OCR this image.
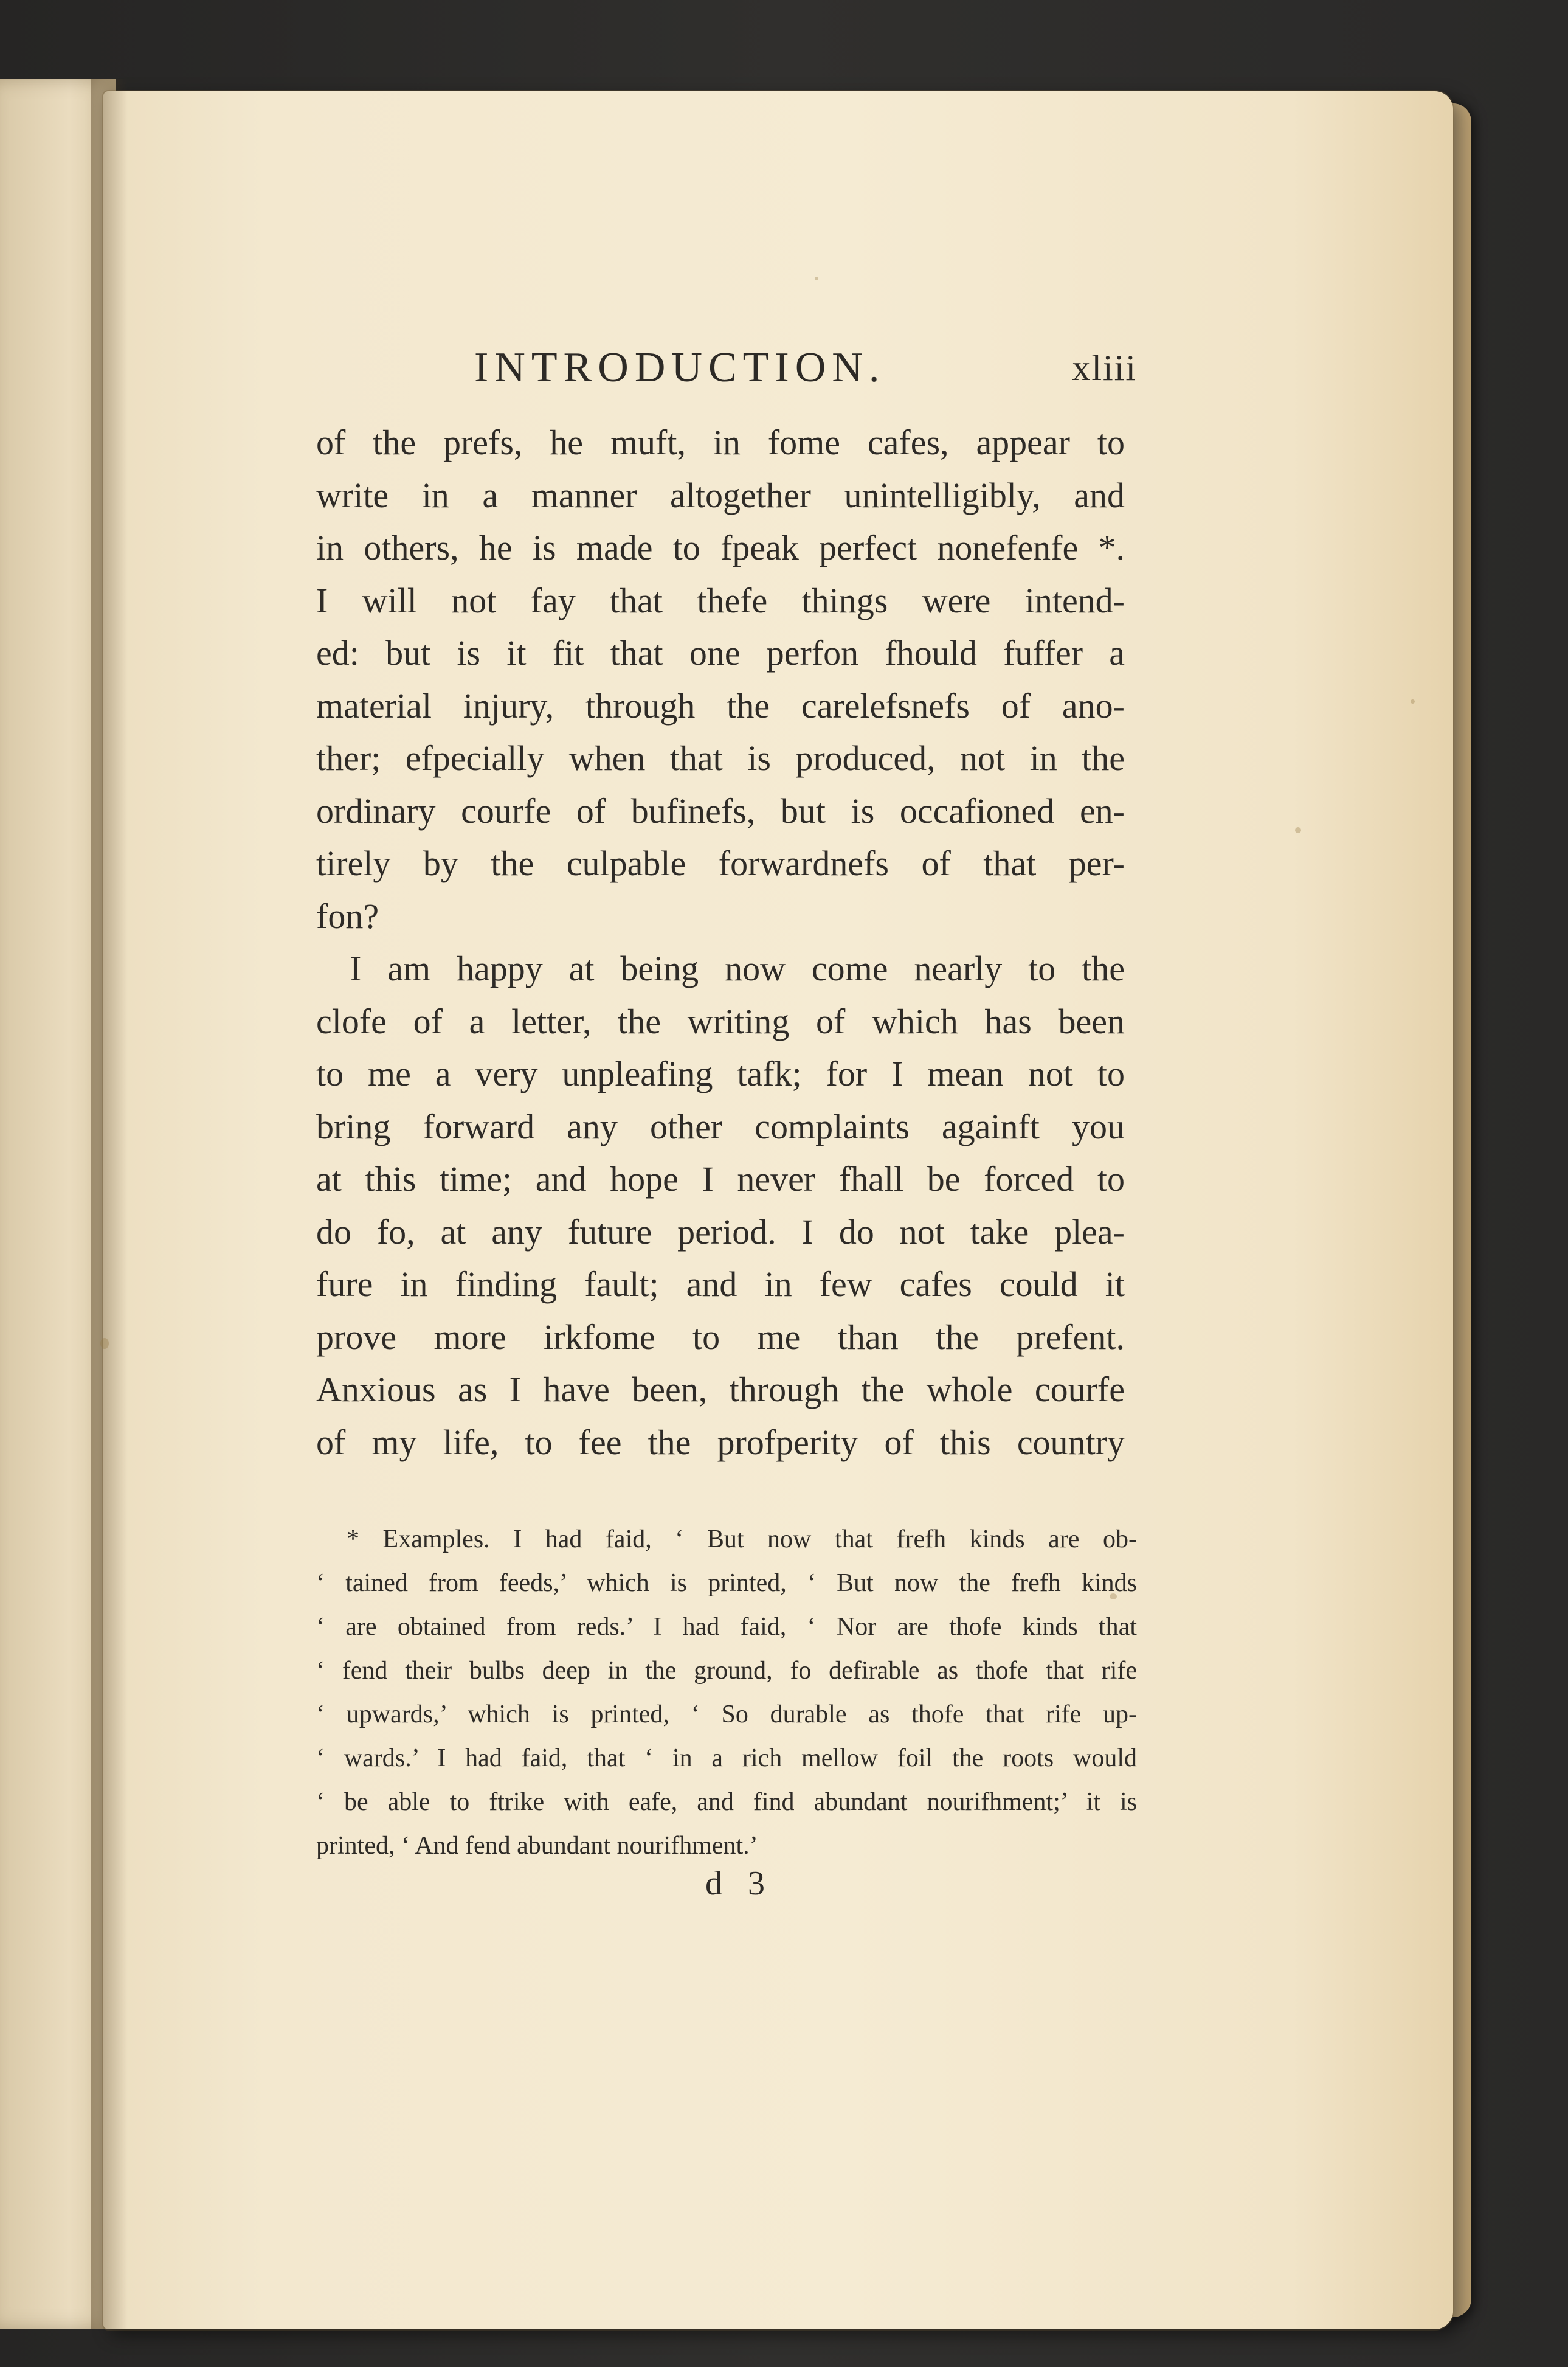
INTRODUCTION.	xliii
of the prefs, he muft, in fome cafes, appear to
write in a manner altogether unintelligibly, and
in others, he is made to fpeak perfect nonefenfe *.
I will not fay that thefe things were intend-
ed: but is it fit that one perfon fhould fuffer a
material injury, through the carelefsnefs of ano-
ther; efpecially when that is produced, not in the
ordinary courfe of bufinefs, but is occafioned en-
tirely by the culpable forwardnefs of that per-
fon?
I am happy at being now come nearly to the
clofe of a letter, the writing of which has been
to me a very unpleafing tafk; for I mean not to
bring forward any other complaints againft you
at this time; and hope I never fhall be forced to
do fo, at any future period. I do not take plea-
fure in finding fault; and in few cafes could it
prove more irkfome to me than the prefent.
Anxious as I have been, through the whole courfe
of my life, to fee the profperity of this country
* Examples. I had faid, ‘ But now that frefh kinds are ob-
‘ tained from feeds,’ which is printed, ‘ But now the frefh kinds
‘ are obtained from reds.’ I had faid, ‘ Nor are thofe kinds that
‘ fend their bulbs deep in the ground, fo defirable as thofe that rife
‘ upwards,’ which is printed, ‘ So durable as thofe that rife up-
‘ wards.’ I had faid, that ‘ in a rich mellow foil the roots would
‘ be able to ftrike with eafe, and find abundant nourifhment;’ it is
printed, ‘ And fend abundant nourifhment.’
d 3
